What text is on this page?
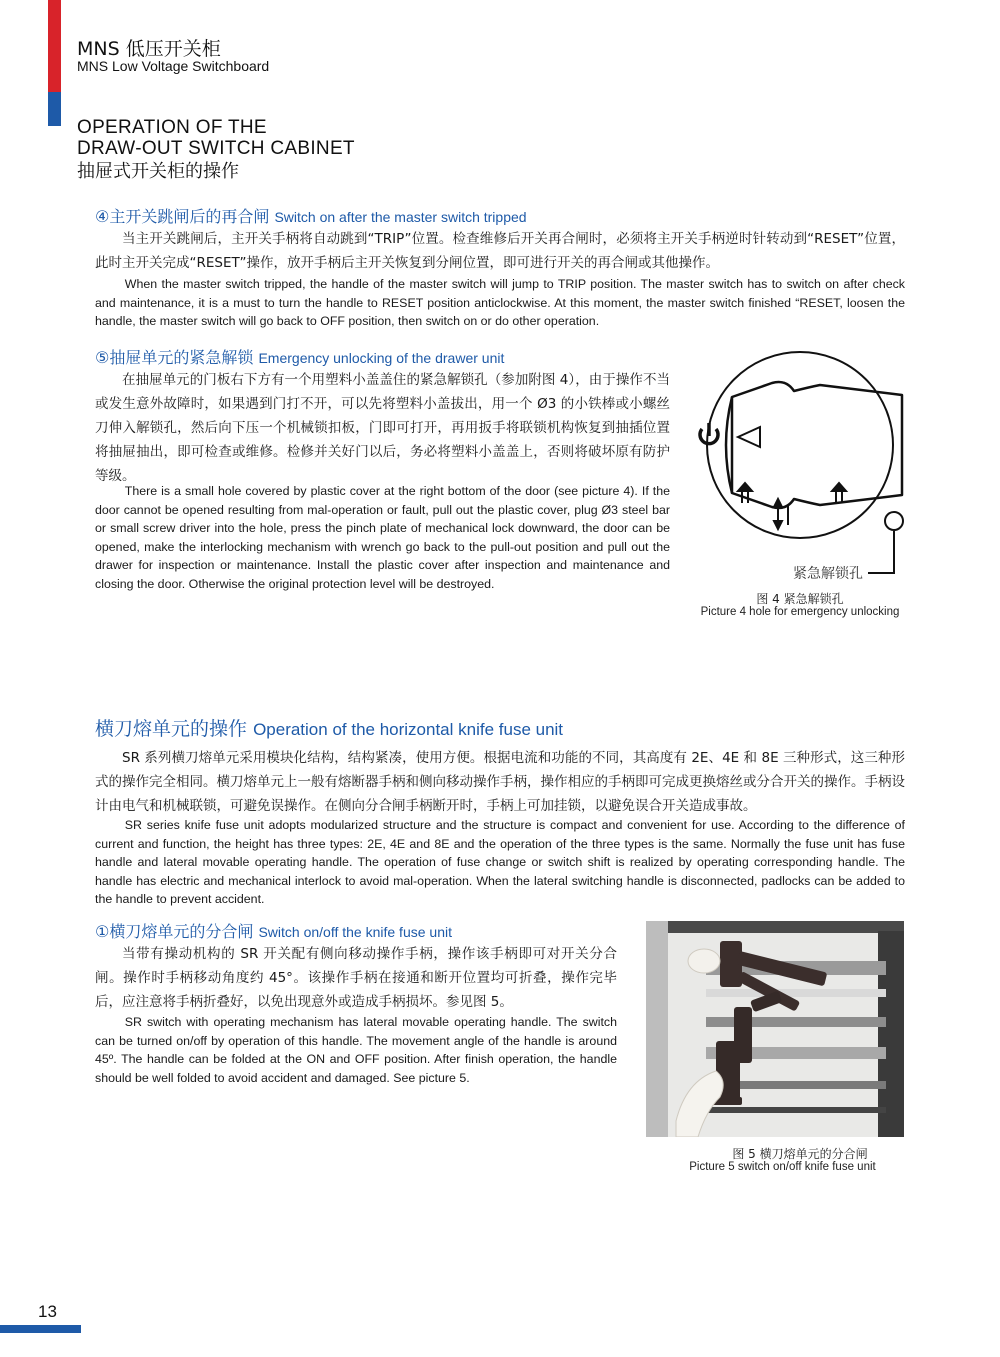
MNS 低压开关柜
MNS Low Voltage Switchboard
OPERATION OF THE
DRAW-OUT SWITCH CABINET
抽屉式开关柜的操作
④主开关跳闸后的再合闸 Switch on after the master switch tripped

当主开关跳闸后，主开关手柄将自动跳到“TRIP”位置。检查维修后开关再合闸时，必须将主开关手柄逆时针转动到“RESET”位置，此时主开关完成“RESET”操作，放开手柄后主开关恢复到分闸位置，即可进行开关的再合闸或其他操作。

When the master switch tripped, the handle of the master switch will jump to TRIP position. The master switch has to switch on after check and maintenance, it is a must to turn the handle to RESET position anticlockwise. At this moment, the master switch finished “RESET, loosen the handle, the master switch will go back to OFF position, then switch on or do other operation.

⑤抽屉单元的紧急解锁 Emergency unlocking of the drawer unit

在抽屉单元的门板右下方有一个用塑料小盖盖住的紧急解锁孔（参加附图 4），由于操作不当或发生意外故障时，如果遇到门打不开，可以先将塑料小盖拔出，用一个 Ø3 的小铁棒或小螺丝刀伸入解锁孔，然后向下压一个机械锁扣板，门即可打开，再用扳手将联锁机构恢复到抽插位置将抽屉抽出，即可检查或维修。检修并关好门以后，务必将塑料小盖盖上，否则将破坏原有防护等级。

There is a small hole covered by plastic cover at the right bottom of the door (see picture 4). If the door cannot be opened resulting from mal-operation or fault, pull out the plastic cover, plug Ø3 steel bar or small screw driver into the hole, press the pinch plate of mechanical lock downward, the door can be opened, make the interlocking mechanism with wrench go back to the pull-out position and pull out the drawer for inspection or maintenance. Install the plastic cover after inspection and maintenance and closing the door. Otherwise the original protection level will be destroyed.

紧急解锁孔
图 4 紧急解锁孔
Picture 4 hole for emergency unlocking
横刀熔单元的操作 Operation of the horizontal knife fuse unit

SR 系列横刀熔单元采用模块化结构，结构紧凑，使用方便。根据电流和功能的不同，其高度有 2E、4E 和 8E 三种形式，这三种形式的操作完全相同。横刀熔单元上一般有熔断器手柄和侧向移动操作手柄，操作相应的手柄即可完成更换熔丝或分合开关的操作。手柄设计由电气和机械联锁，可避免误操作。在侧向分合闸手柄断开时，手柄上可加挂锁，以避免误合开关造成事故。

SR series knife fuse unit adopts modularized structure and the structure is compact and convenient for use. According to the difference of current and function, the height has three types: 2E, 4E and 8E and the operation of the three types is the same. Normally the fuse unit has fuse handle and lateral movable operating handle. The operation of fuse change or switch shift is realized by operating corresponding handle. The handle has electric and mechanical interlock to avoid mal-operation. When the lateral switching handle is disconnected, padlocks can be added to the handle to prevent accident.

①横刀熔单元的分合闸 Switch on/off the knife fuse unit

当带有操动机构的 SR 开关配有侧向移动操作手柄，操作该手柄即可对开关分合闸。操作时手柄移动角度约 45°。该操作手柄在接通和断开位置均可折叠，操作完毕后，应注意将手柄折叠好，以免出现意外或造成手柄损坏。参见图 5。

SR switch with operating mechanism has lateral movable operating handle. The switch can be turned on/off by operation of this handle. The movement angle of the handle is around 45º. The handle can be folded at the ON and OFF position. After finish operation, the handle should be well folded to avoid accident and damaged. See picture 5.

图 5 横刀熔单元的分合闸
Picture 5 switch on/off knife fuse unit
13
